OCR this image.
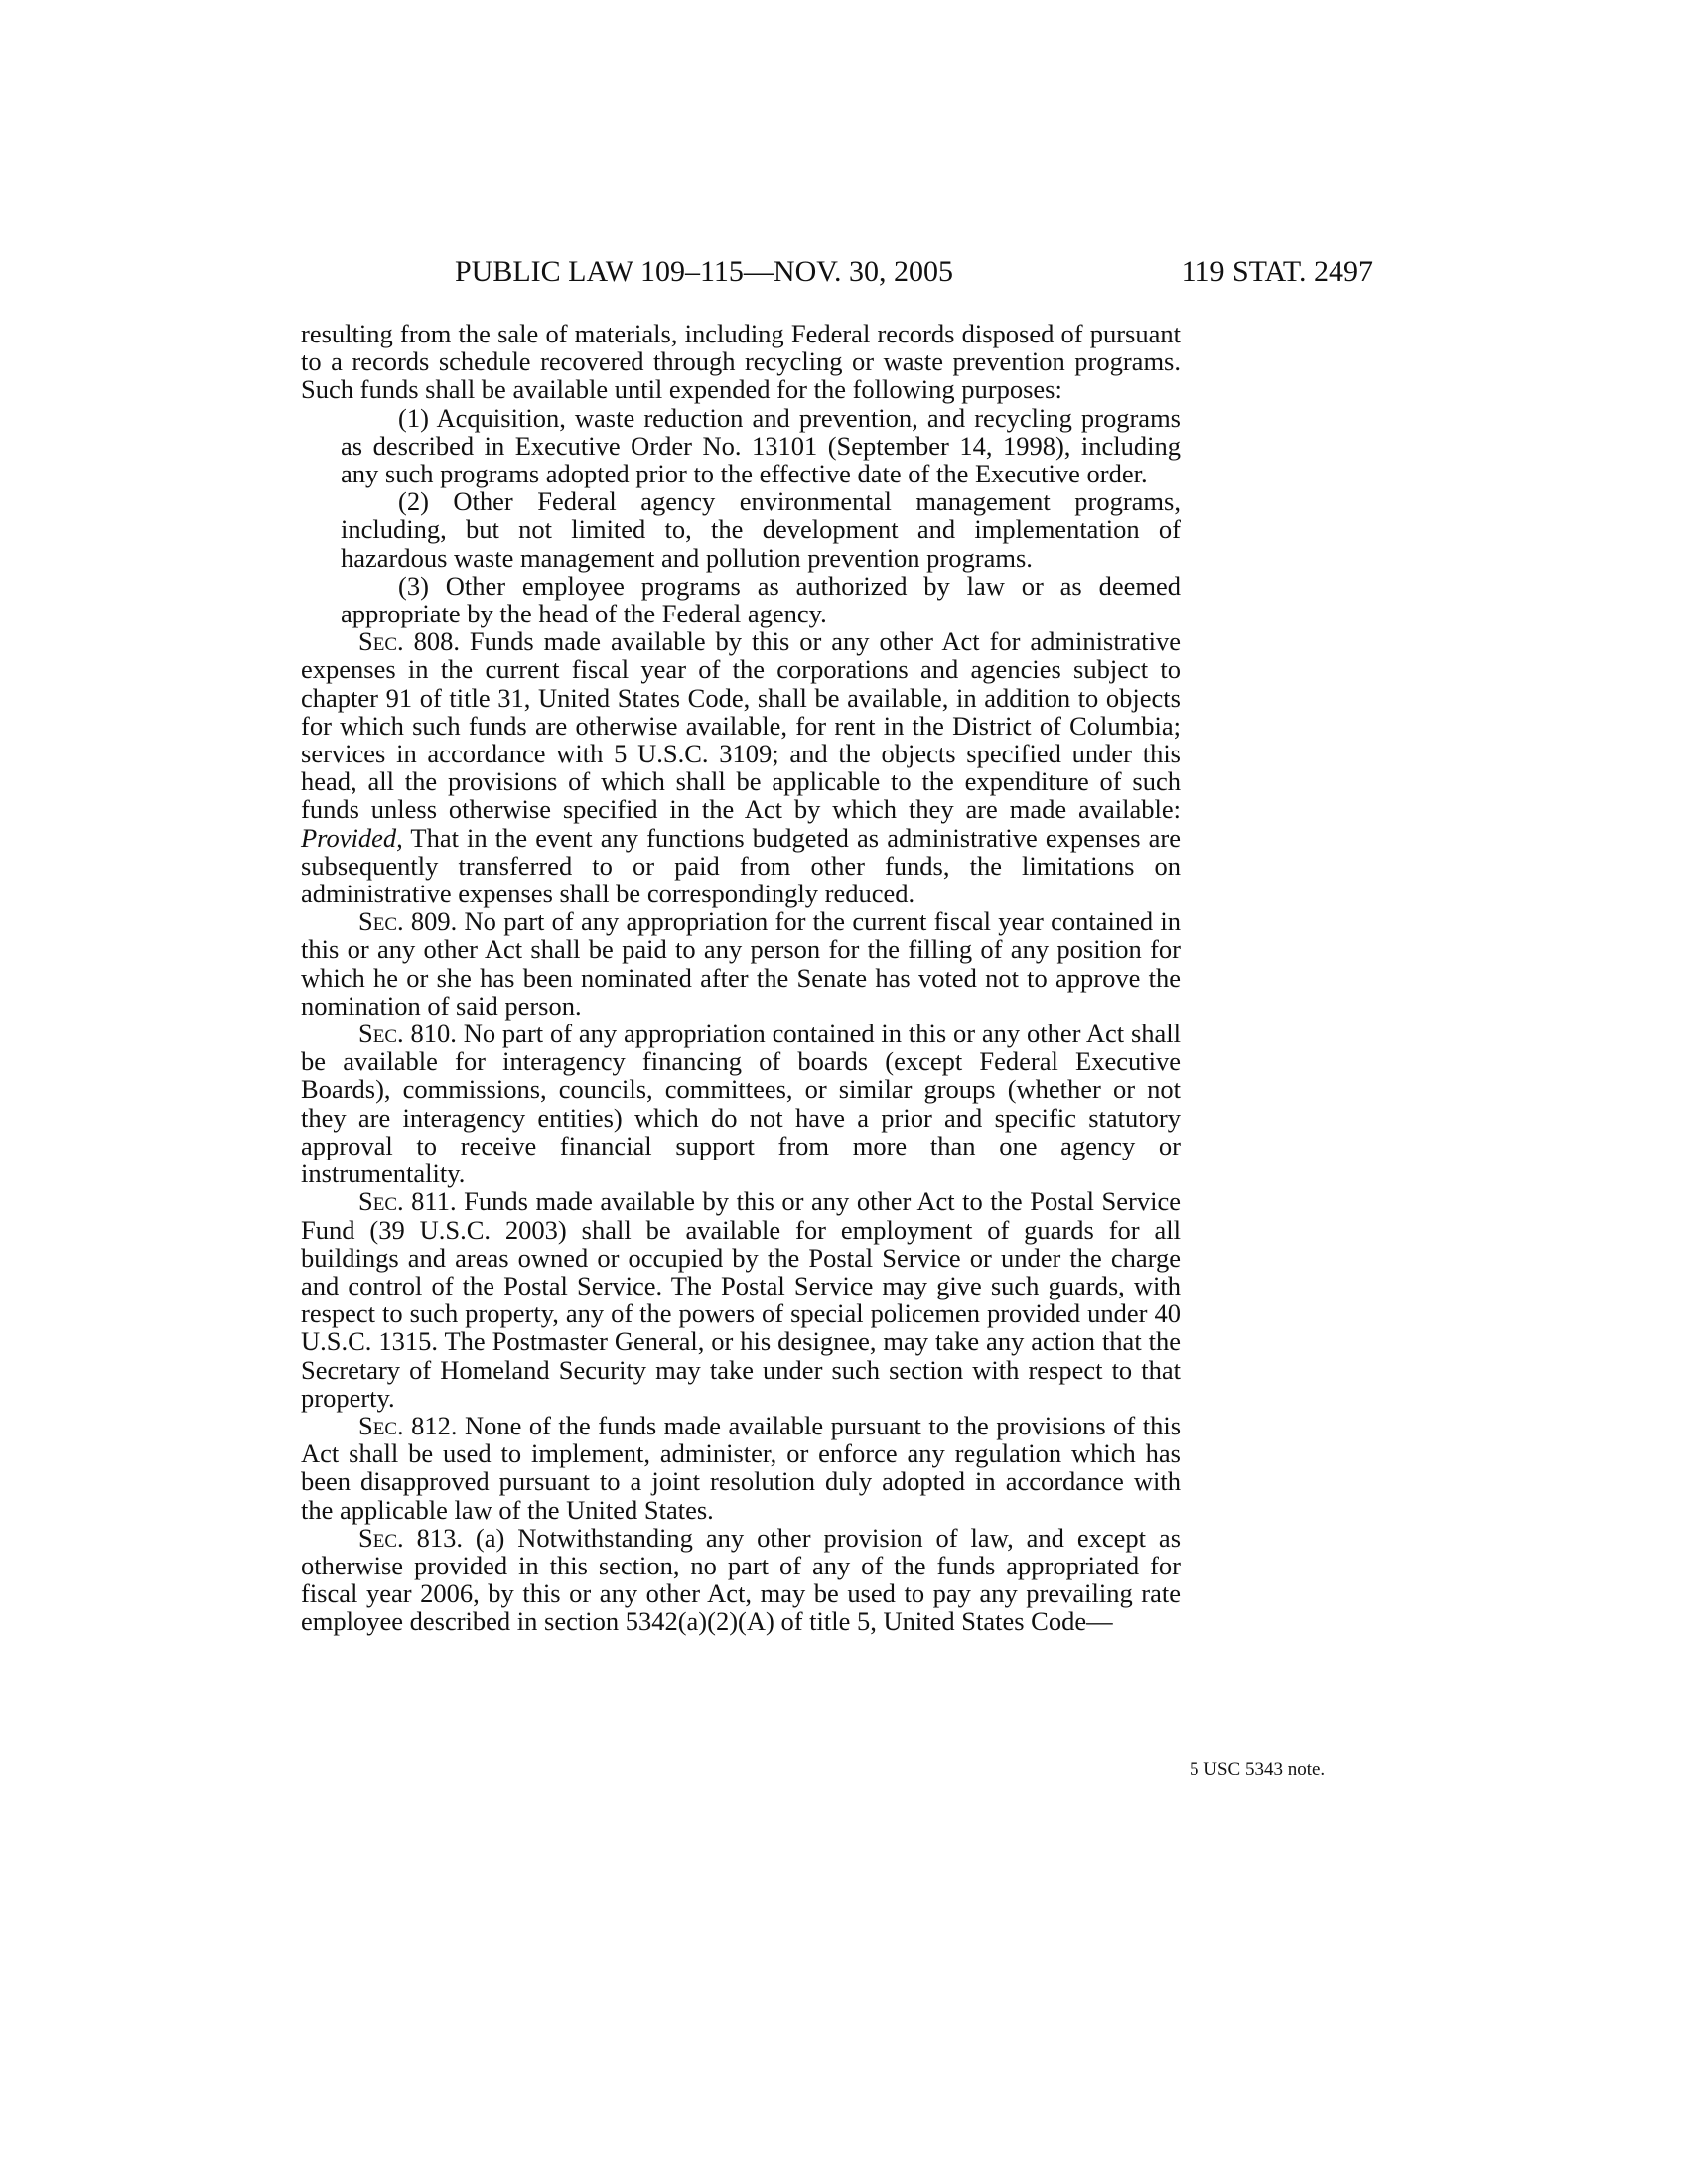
PUBLIC LAW 109–115—NOV. 30, 2005	119 STAT. 2497

resulting from the sale of materials, including Federal records disposed of pursuant to a records schedule recovered through recycling or waste prevention programs. Such funds shall be available until expended for the following purposes:

(1) Acquisition, waste reduction and prevention, and recycling programs as described in Executive Order No. 13101 (September 14, 1998), including any such programs adopted prior to the effective date of the Executive order.

(2) Other Federal agency environmental management programs, including, but not limited to, the development and implementation of hazardous waste management and pollution prevention programs.

(3) Other employee programs as authorized by law or as deemed appropriate by the head of the Federal agency.

Sec. 808. Funds made available by this or any other Act for administrative expenses in the current fiscal year of the corporations and agencies subject to chapter 91 of title 31, United States Code, shall be available, in addition to objects for which such funds are otherwise available, for rent in the District of Columbia; services in accordance with 5 U.S.C. 3109; and the objects specified under this head, all the provisions of which shall be applicable to the expenditure of such funds unless otherwise specified in the Act by which they are made available: Provided, That in the event any functions budgeted as administrative expenses are subsequently transferred to or paid from other funds, the limitations on administrative expenses shall be correspondingly reduced.

Sec. 809. No part of any appropriation for the current fiscal year contained in this or any other Act shall be paid to any person for the filling of any position for which he or she has been nominated after the Senate has voted not to approve the nomination of said person.

Sec. 810. No part of any appropriation contained in this or any other Act shall be available for interagency financing of boards (except Federal Executive Boards), commissions, councils, committees, or similar groups (whether or not they are interagency entities) which do not have a prior and specific statutory approval to receive financial support from more than one agency or instrumentality.

Sec. 811. Funds made available by this or any other Act to the Postal Service Fund (39 U.S.C. 2003) shall be available for employment of guards for all buildings and areas owned or occupied by the Postal Service or under the charge and control of the Postal Service. The Postal Service may give such guards, with respect to such property, any of the powers of special policemen provided under 40 U.S.C. 1315. The Postmaster General, or his designee, may take any action that the Secretary of Homeland Security may take under such section with respect to that property.

Sec. 812. None of the funds made available pursuant to the provisions of this Act shall be used to implement, administer, or enforce any regulation which has been disapproved pursuant to a joint resolution duly adopted in accordance with the applicable law of the United States.

Sec. 813. (a) Notwithstanding any other provision of law, and except as otherwise provided in this section, no part of any of the funds appropriated for fiscal year 2006, by this or any other Act, may be used to pay any prevailing rate employee described in section 5342(a)(2)(A) of title 5, United States Code—

5 USC 5343 note.
